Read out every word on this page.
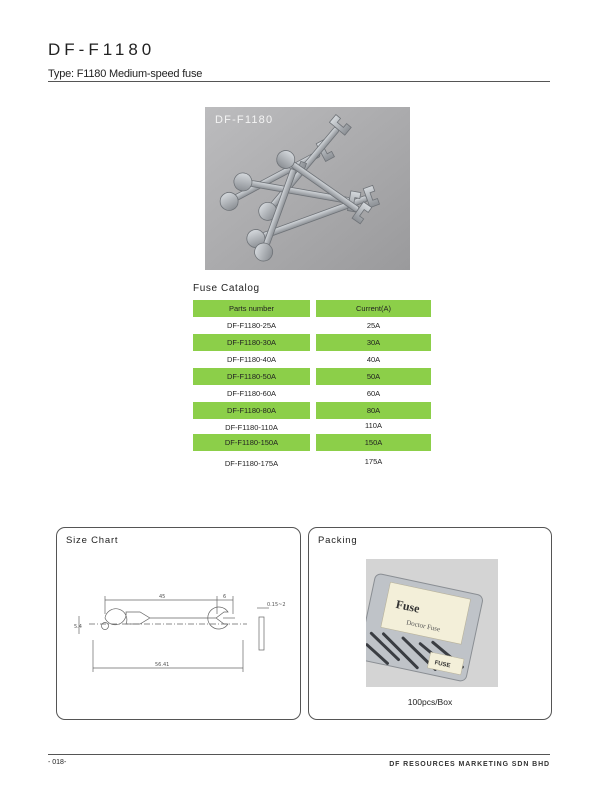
DF-F1180
Type: F1180 Medium-speed fuse
DF-F1180
Fuse Catalog
Parts number	Current(A)
DF-F1180-25A	25A
DF-F1180-30A	30A
DF-F1180-40A	40A
DF-F1180-50A	50A
DF-F1180-60A	60A
DF-F1180-80A	80A
DF-F1180-110A	110A
DF-F1180-150A	150A
DF-F1180-175A	175A
Size Chart
45	6
0.15~2
5.4
56.41
Packing
Fuse
Doctor Fuse
FUSE
100pcs/Box
- 018-	DF RESOURCES MARKETING SDN BHD
